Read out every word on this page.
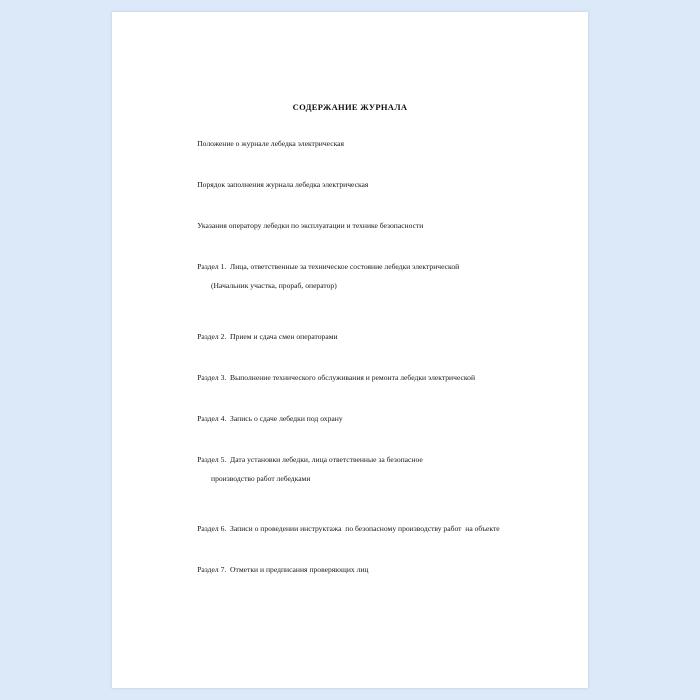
СОДЕРЖАНИЕ ЖУРНАЛА

Положение о журнале лебедка электрическая

Порядок заполнения журнала лебедка электрическая

Указания оператору лебедки по эксплуатации и технике безопасности

Раздел 1.  Лица, ответственные за техническое состояние лебедки электрической

(Начальник участка, прораб, оператор)

Раздел 2.  Прием и сдача смен операторами

Раздел 3.  Выполнение технического обслуживания и ремонта лебедки электрической

Раздел 4.  Запись о сдаче лебедки под охрану

Раздел 5.  Дата установки лебедки, лица ответственные за безопасное

производство работ лебедками

Раздел 6.  Записи о проведении инструктажа  по безопасному производству работ  на объекте

Раздел 7.  Отметки и предписания проверяющих лиц
